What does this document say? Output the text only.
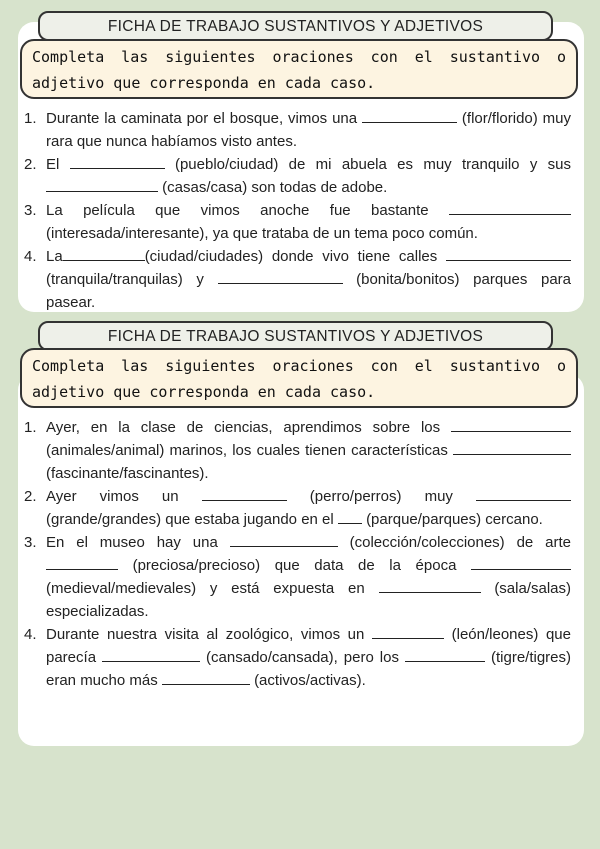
FICHA DE TRABAJO SUSTANTIVOS Y ADJETIVOS
Completa las siguientes oraciones con el sustantivo o adjetivo que corresponda en cada caso.
1. Durante la caminata por el bosque, vimos una	(flor/florido) muy rara que nunca habíamos visto antes.
2. El	(pueblo/ciudad) de mi abuela es muy tranquilo y sus  (casas/casa) son todas de adobe.
3. La película que vimos anoche fue bastante  (interesada/interesante), ya que trataba de un tema poco común.
4. La	(ciudad/ciudades) donde vivo tiene calles (tranquila/tranquilas) y	(bonita/bonitos) parques para pasear.
FICHA DE TRABAJO SUSTANTIVOS Y ADJETIVOS
Completa las siguientes oraciones con el sustantivo o adjetivo que corresponda en cada caso.
1. Ayer, en la clase de ciencias, aprendimos sobre los  (animales/animal) marinos, los cuales tienen características (fascinante/fascinantes).
2. Ayer vimos un	(perro/perros) muy  (grande/grandes) que estaba jugando en el (parque/parques) cercano.
3. En el museo hay una	(colección/colecciones) de arte  (preciosa/precioso) que data de la época  (medieval/medievales) y está expuesta en	(sala/salas) especializadas.
4. Durante nuestra visita al zoológico, vimos un	(león/leones) que parecía	(cansado/cansada), pero los	(tigre/tigres) eran mucho más	(activos/activas).
